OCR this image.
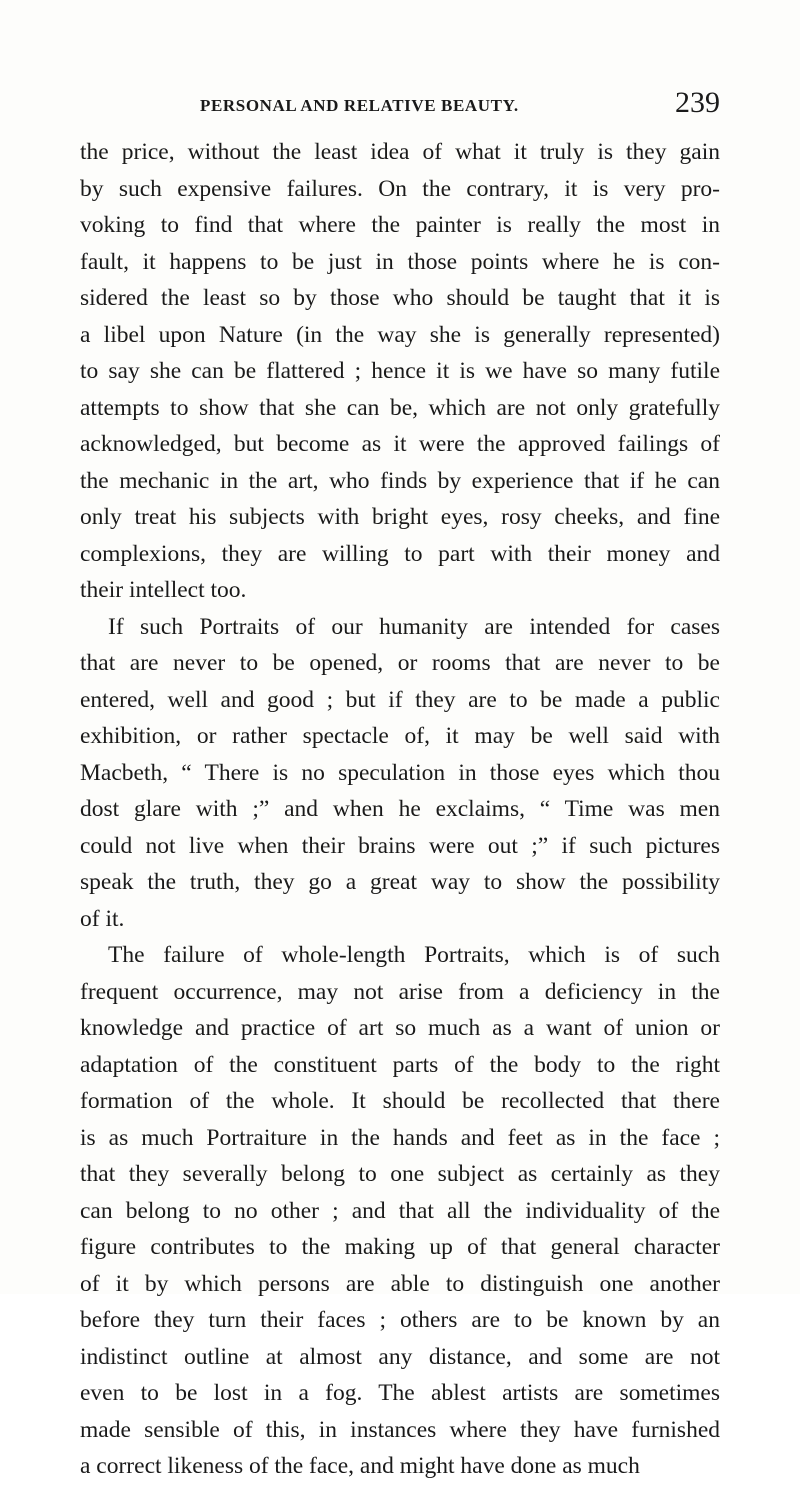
PERSONAL AND RELATIVE BEAUTY.	239
the price, without the least idea of what it truly is they gain
by such expensive failures. On the contrary, it is very pro-
voking to find that where the painter is really the most in
fault, it happens to be just in those points where he is con-
sidered the least so by those who should be taught that it is
a libel upon Nature (in the way she is generally represented)
to say she can be flattered ; hence it is we have so many futile
attempts to show that she can be, which are not only gratefully
acknowledged, but become as it were the approved failings of
the mechanic in the art, who finds by experience that if he can
only treat his subjects with bright eyes, rosy cheeks, and fine
complexions, they are willing to part with their money and
their intellect too.
If such Portraits of our humanity are intended for cases
that are never to be opened, or rooms that are never to be
entered, well and good ; but if they are to be made a public
exhibition, or rather spectacle of, it may be well said with
Macbeth, “ There is no speculation in those eyes which thou
dost glare with ;” and when he exclaims, “ Time was men
could not live when their brains were out ;” if such pictures
speak the truth, they go a great way to show the possibility
of it.
The failure of whole-length Portraits, which is of such
frequent occurrence, may not arise from a deficiency in the
knowledge and practice of art so much as a want of union or
adaptation of the constituent parts of the body to the right
formation of the whole. It should be recollected that there
is as much Portraiture in the hands and feet as in the face ;
that they severally belong to one subject as certainly as they
can belong to no other ; and that all the individuality of the
figure contributes to the making up of that general character
of it by which persons are able to distinguish one another
before they turn their faces ; others are to be known by an
indistinct outline at almost any distance, and some are not
even to be lost in a fog. The ablest artists are sometimes
made sensible of this, in instances where they have furnished
a correct likeness of the face, and might have done as much
